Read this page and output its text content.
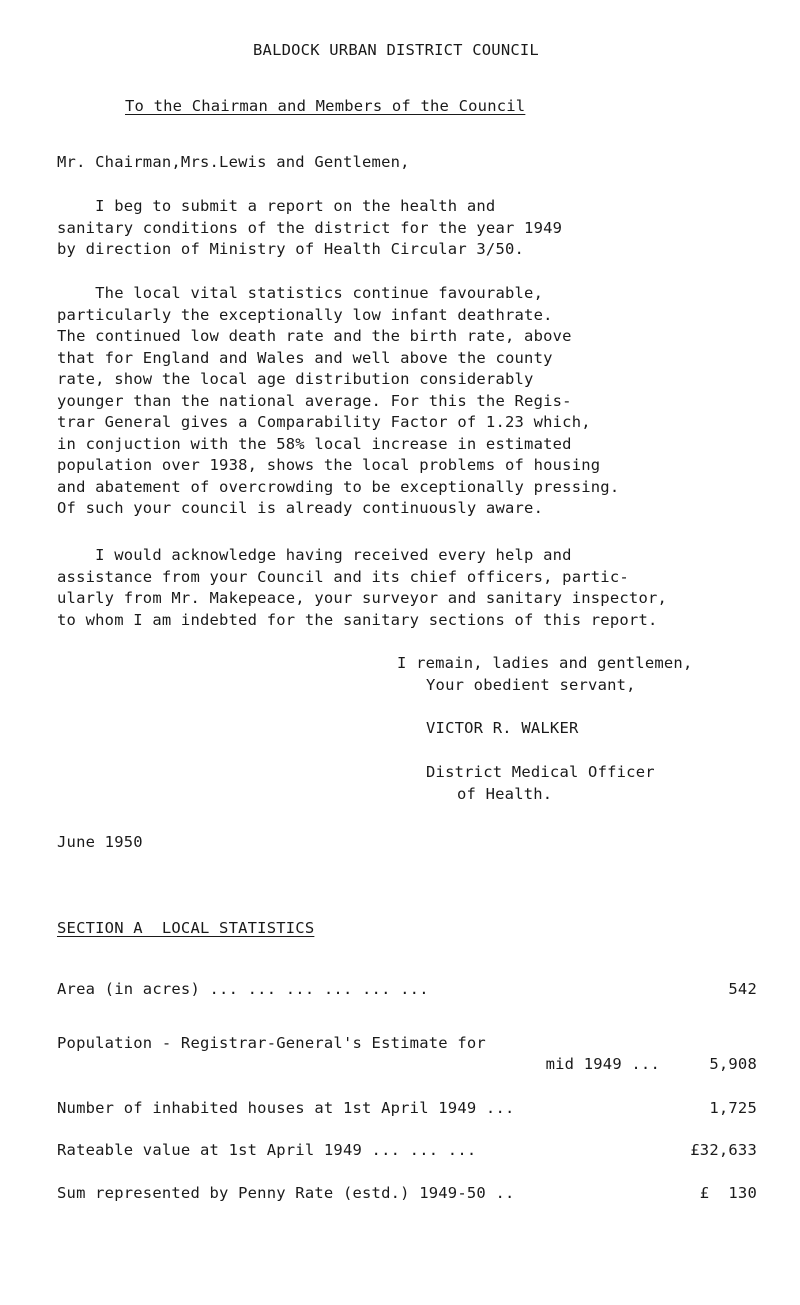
BALDOCK URBAN DISTRICT COUNCIL
To the Chairman and Members of the Council
Mr. Chairman,Mrs.Lewis and Gentlemen,
I beg to submit a report on the health and
sanitary conditions of the district for the year 1949
by direction of Ministry of Health Circular 3/50.
The local vital statistics continue favourable,
particularly the exceptionally low infant deathrate.
The continued low death rate and the birth rate, above
that for England and Wales and well above the county
rate, show the local age distribution considerably
younger than the national average. For this the Regis-
trar General gives a Comparability Factor of 1.23 which,
in conjuction with the 58% local increase in estimated
population over 1938, shows the local problems of housing
and abatement of overcrowding to be exceptionally pressing.
Of such your council is already continuously aware.
I would acknowledge having received every help and
assistance from your Council and its chief officers, partic-
ularly from Mr. Makepeace, your surveyor and sanitary inspector,
to whom I am indebted for the sanitary sections of this report.
I remain, ladies and gentlemen,
Your obedient servant,
VICTOR R. WALKER
District Medical Officer
of Health.
June 1950
SECTION A  LOCAL STATISTICS
Area (in acres) ... ... ... ... ... ...	542
Population - Registrar-General's Estimate for
mid 1949 ...	5,908
Number of inhabited houses at 1st April 1949 ...	1,725
Rateable value at 1st April 1949 ... ... ...	£32,633
Sum represented by Penny Rate (estd.) 1949-50 ..	£  130
